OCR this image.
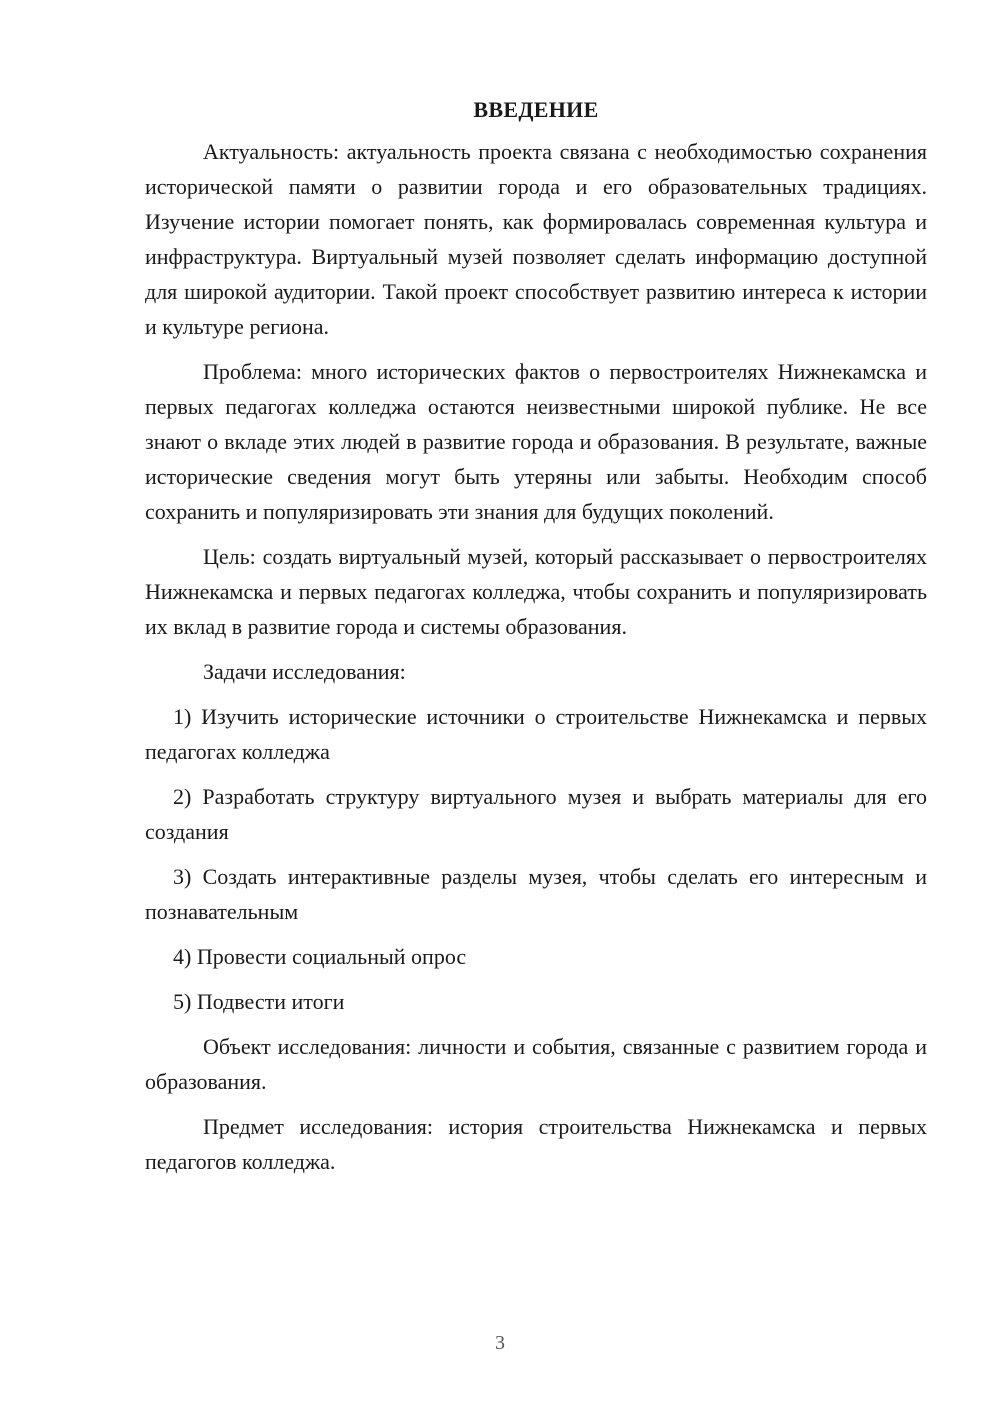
ВВЕДЕНИЕ

Актуальность: актуальность проекта связана с необходимостью сохранения исторической памяти о развитии города и его образовательных традициях. Изучение истории помогает понять, как формировалась современная культура и инфраструктура. Виртуальный музей позволяет сделать информацию доступной для широкой аудитории. Такой проект способствует развитию интереса к истории и культуре региона.

Проблема: много исторических фактов о первостроителях Нижнекамска и первых педагогах колледжа остаются неизвестными широкой публике. Не все знают о вкладе этих людей в развитие города и образования. В результате, важные исторические сведения могут быть утеряны или забыты. Необходим способ сохранить и популяризировать эти знания для будущих поколений.

Цель: создать виртуальный музей, который рассказывает о первостроителях Нижнекамска и первых педагогах колледжа, чтобы сохранить и популяризировать их вклад в развитие города и системы образования.

Задачи исследования:

1) Изучить исторические источники о строительстве Нижнекамска и первых педагогах колледжа

2) Разработать структуру виртуального музея и выбрать материалы для его создания

3) Создать интерактивные разделы музея, чтобы сделать его интересным и познавательным

4) Провести социальный опрос

5) Подвести итоги

Объект исследования: личности и события, связанные с развитием города и образования.

Предмет исследования: история строительства Нижнекамска и первых педагогов колледжа.

3
